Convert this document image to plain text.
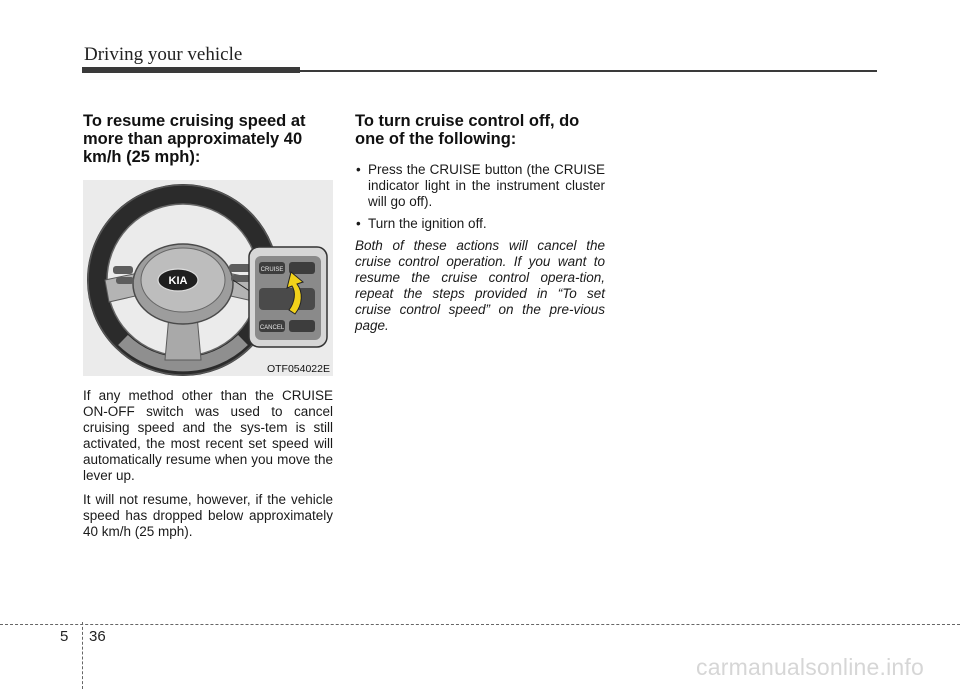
Driving your vehicle
To resume cruising speed at more than approximately 40 km/h (25 mph):
KIA
CRUISE
CANCEL
OTF054022E

If any method other than the CRUISE ON-OFF switch was used to cancel cruising speed and the sys-tem is still activated, the most recent set speed will automatically resume when you move the lever up.

It will not resume, however, if the vehicle speed has dropped below approximately 40 km/h (25 mph).

To turn cruise control off, do one of the following:
• Press the CRUISE button (the CRUISE indicator light in the instrument cluster will go off).
• Turn the ignition off.

Both of these actions will cancel the cruise control operation. If you want to resume the cruise control opera-tion, repeat the steps provided in “To set cruise control speed” on the pre-vious page.

5 36
carmanualsonline.info
